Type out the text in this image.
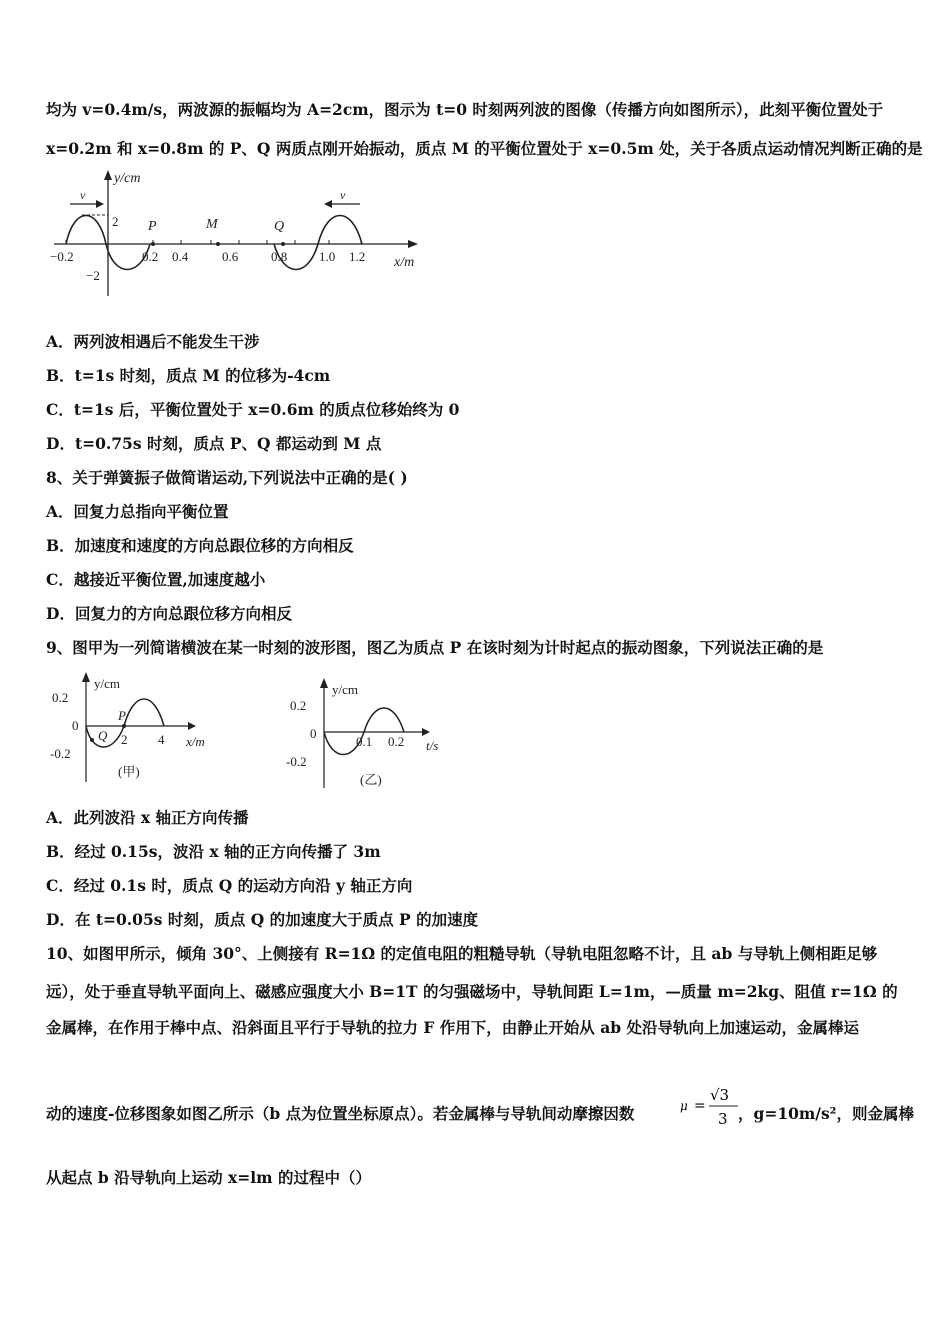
均为 v=0.4m/s，两波源的振幅均为 A=2cm，图示为 t=0 时刻两列波的图像（传播方向如图所示），此刻平衡位置处于
x=0.2m 和 x=0.8m 的 P、Q 两质点刚开始振动，质点 M 的平衡位置处于 x=0.5m 处，关于各质点运动情况判断正确的是
y/cm
x/m
2
−2
−0.2	0.2 0.4	0.6	0.8 1.0 1.2
P	M	Q
v	v
A．两列波相遇后不能发生干涉
B．t=1s 时刻，质点 M 的位移为-4cm
C．t=1s 后，平衡位置处于 x=0.6m 的质点位移始终为 0
D．t=0.75s 时刻，质点 P、Q 都运动到 M 点
8、关于弹簧振子做简谐运动,下列说法中正确的是( )
A．回复力总指向平衡位置
B．加速度和速度的方向总跟位移的方向相反
C．越接近平衡位置,加速度越小
D．回复力的方向总跟位移方向相反
9、图甲为一列简谐横波在某一时刻的波形图，图乙为质点 P 在该时刻为计时起点的振动图象，下列说法正确的是
y/cm
x/m
0.2
0
-0.2
2 4
Q
P
(甲)
y/cm
t/s
0.2
0
-0.2
0.1 0.2
(乙)
A．此列波沿 x 轴正方向传播
B．经过 0.15s，波沿 x 轴的正方向传播了 3m
C．经过 0.1s 时，质点 Q 的运动方向沿 y 轴正方向
D．在 t=0.05s 时刻，质点 Q 的加速度大于质点 P 的加速度
10、如图甲所示，倾角 30°、上侧接有 R=1Ω 的定值电阻的粗糙导轨（导轨电阻忽略不计，且 ab 与导轨上侧相距足够
远），处于垂直导轨平面向上、磁感应强度大小 B=1T 的匀强磁场中，导轨间距 L=1m，—质量 m=2kg、阻值 r=1Ω 的
金属棒，在作用于棒中点、沿斜面且平行于导轨的拉力 F 作用下，由静止开始从 ab 处沿导轨向上加速运动，金属棒运
动的速度-位移图象如图乙所示（b 点为位置坐标原点）。若金属棒与导轨间动摩擦因数	μ =
√3
3 ，g=10m/s²，则金属棒
从起点 b 沿导轨向上运动 x=lm 的过程中（）
